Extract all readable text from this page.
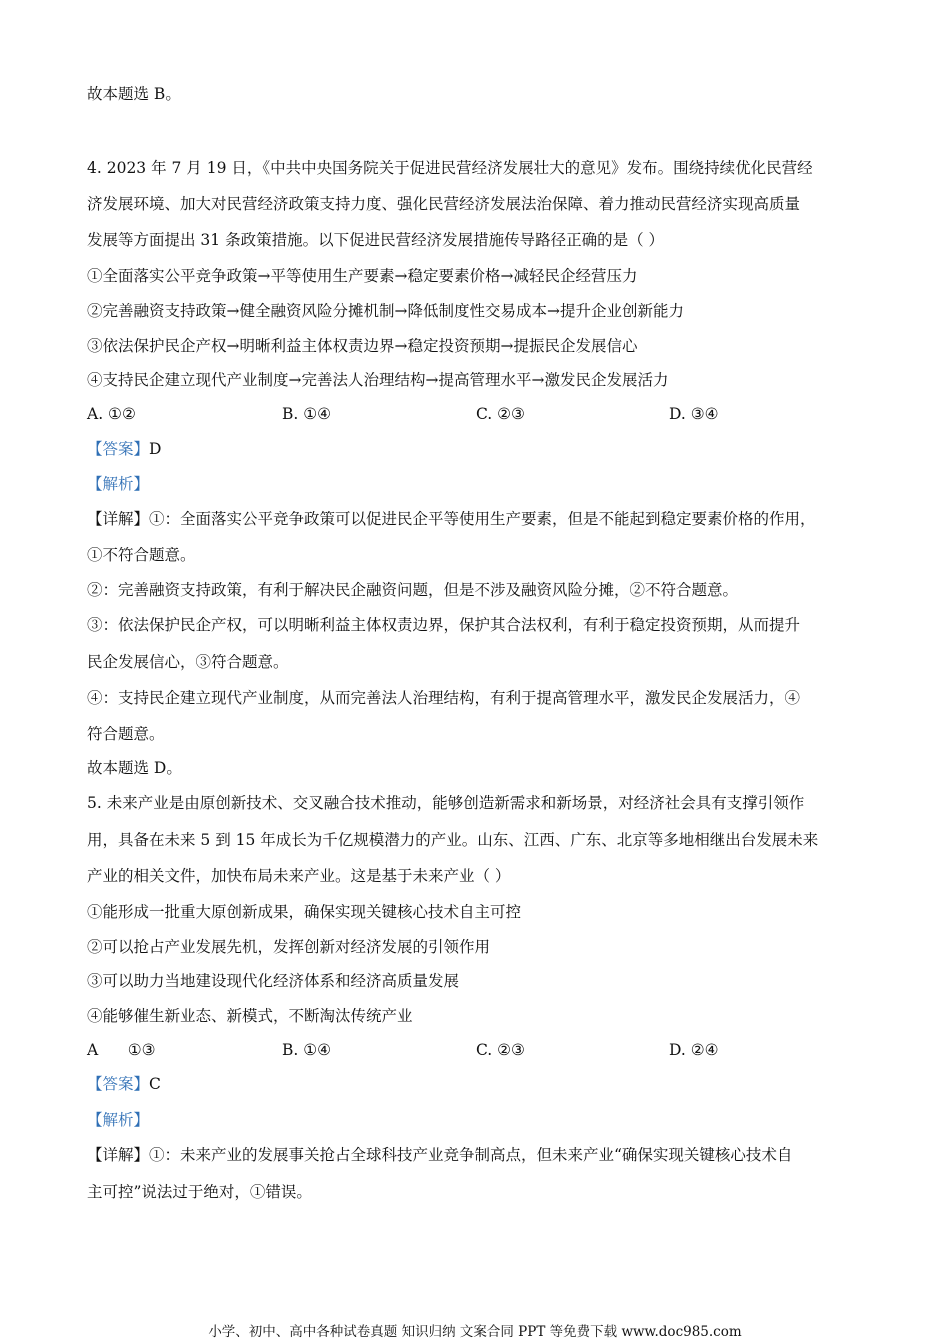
故本题选 B。
4. 2023 年 7 月 19 日，《中共中央国务院关于促进民营经济发展壮大的意见》发布。围绕持续优化民营经
济发展环境、加大对民营经济政策支持力度、强化民营经济发展法治保障、着力推动民营经济实现高质量
发展等方面提出 31 条政策措施。以下促进民营经济发展措施传导路径正确的是（ ）
①全面落实公平竞争政策→平等使用生产要素→稳定要素价格→减轻民企经营压力
②完善融资支持政策→健全融资风险分摊机制→降低制度性交易成本→提升企业创新能力
③依法保护民企产权→明晰利益主体权责边界→稳定投资预期→提振民企发展信心
④支持民企建立现代产业制度→完善法人治理结构→提高管理水平→激发民企发展活力
A. ①②	B. ①④	C. ②③	D. ③④
【答案】D
【解析】
【详解】①：全面落实公平竞争政策可以促进民企平等使用生产要素，但是不能起到稳定要素价格的作用，
①不符合题意。
②：完善融资支持政策，有利于解决民企融资问题，但是不涉及融资风险分摊，②不符合题意。
③：依法保护民企产权，可以明晰利益主体权责边界，保护其合法权利，有利于稳定投资预期，从而提升
民企发展信心，③符合题意。
④：支持民企建立现代产业制度，从而完善法人治理结构，有利于提高管理水平，激发民企发展活力，④
符合题意。
故本题选 D。
5. 未来产业是由原创新技术、交叉融合技术推动，能够创造新需求和新场景，对经济社会具有支撑引领作
用，具备在未来 5 到 15 年成长为千亿规模潜力的产业。山东、江西、广东、北京等多地相继出台发展未来
产业的相关文件，加快布局未来产业。这是基于未来产业（ ）
①能形成一批重大原创新成果，确保实现关键核心技术自主可控
②可以抢占产业发展先机，发挥创新对经济发展的引领作用
③可以助力当地建设现代化经济体系和经济高质量发展
④能够催生新业态、新模式，不断淘汰传统产业
A      ①③	B. ①④	C. ②③	D. ②④
【答案】C
【解析】
【详解】①：未来产业的发展事关抢占全球科技产业竞争制高点，但未来产业“确保实现关键核心技术自
主可控”说法过于绝对，①错误。
小学、初中、高中各种试卷真题 知识归纳 文案合同 PPT 等免费下载 www.doc985.com
